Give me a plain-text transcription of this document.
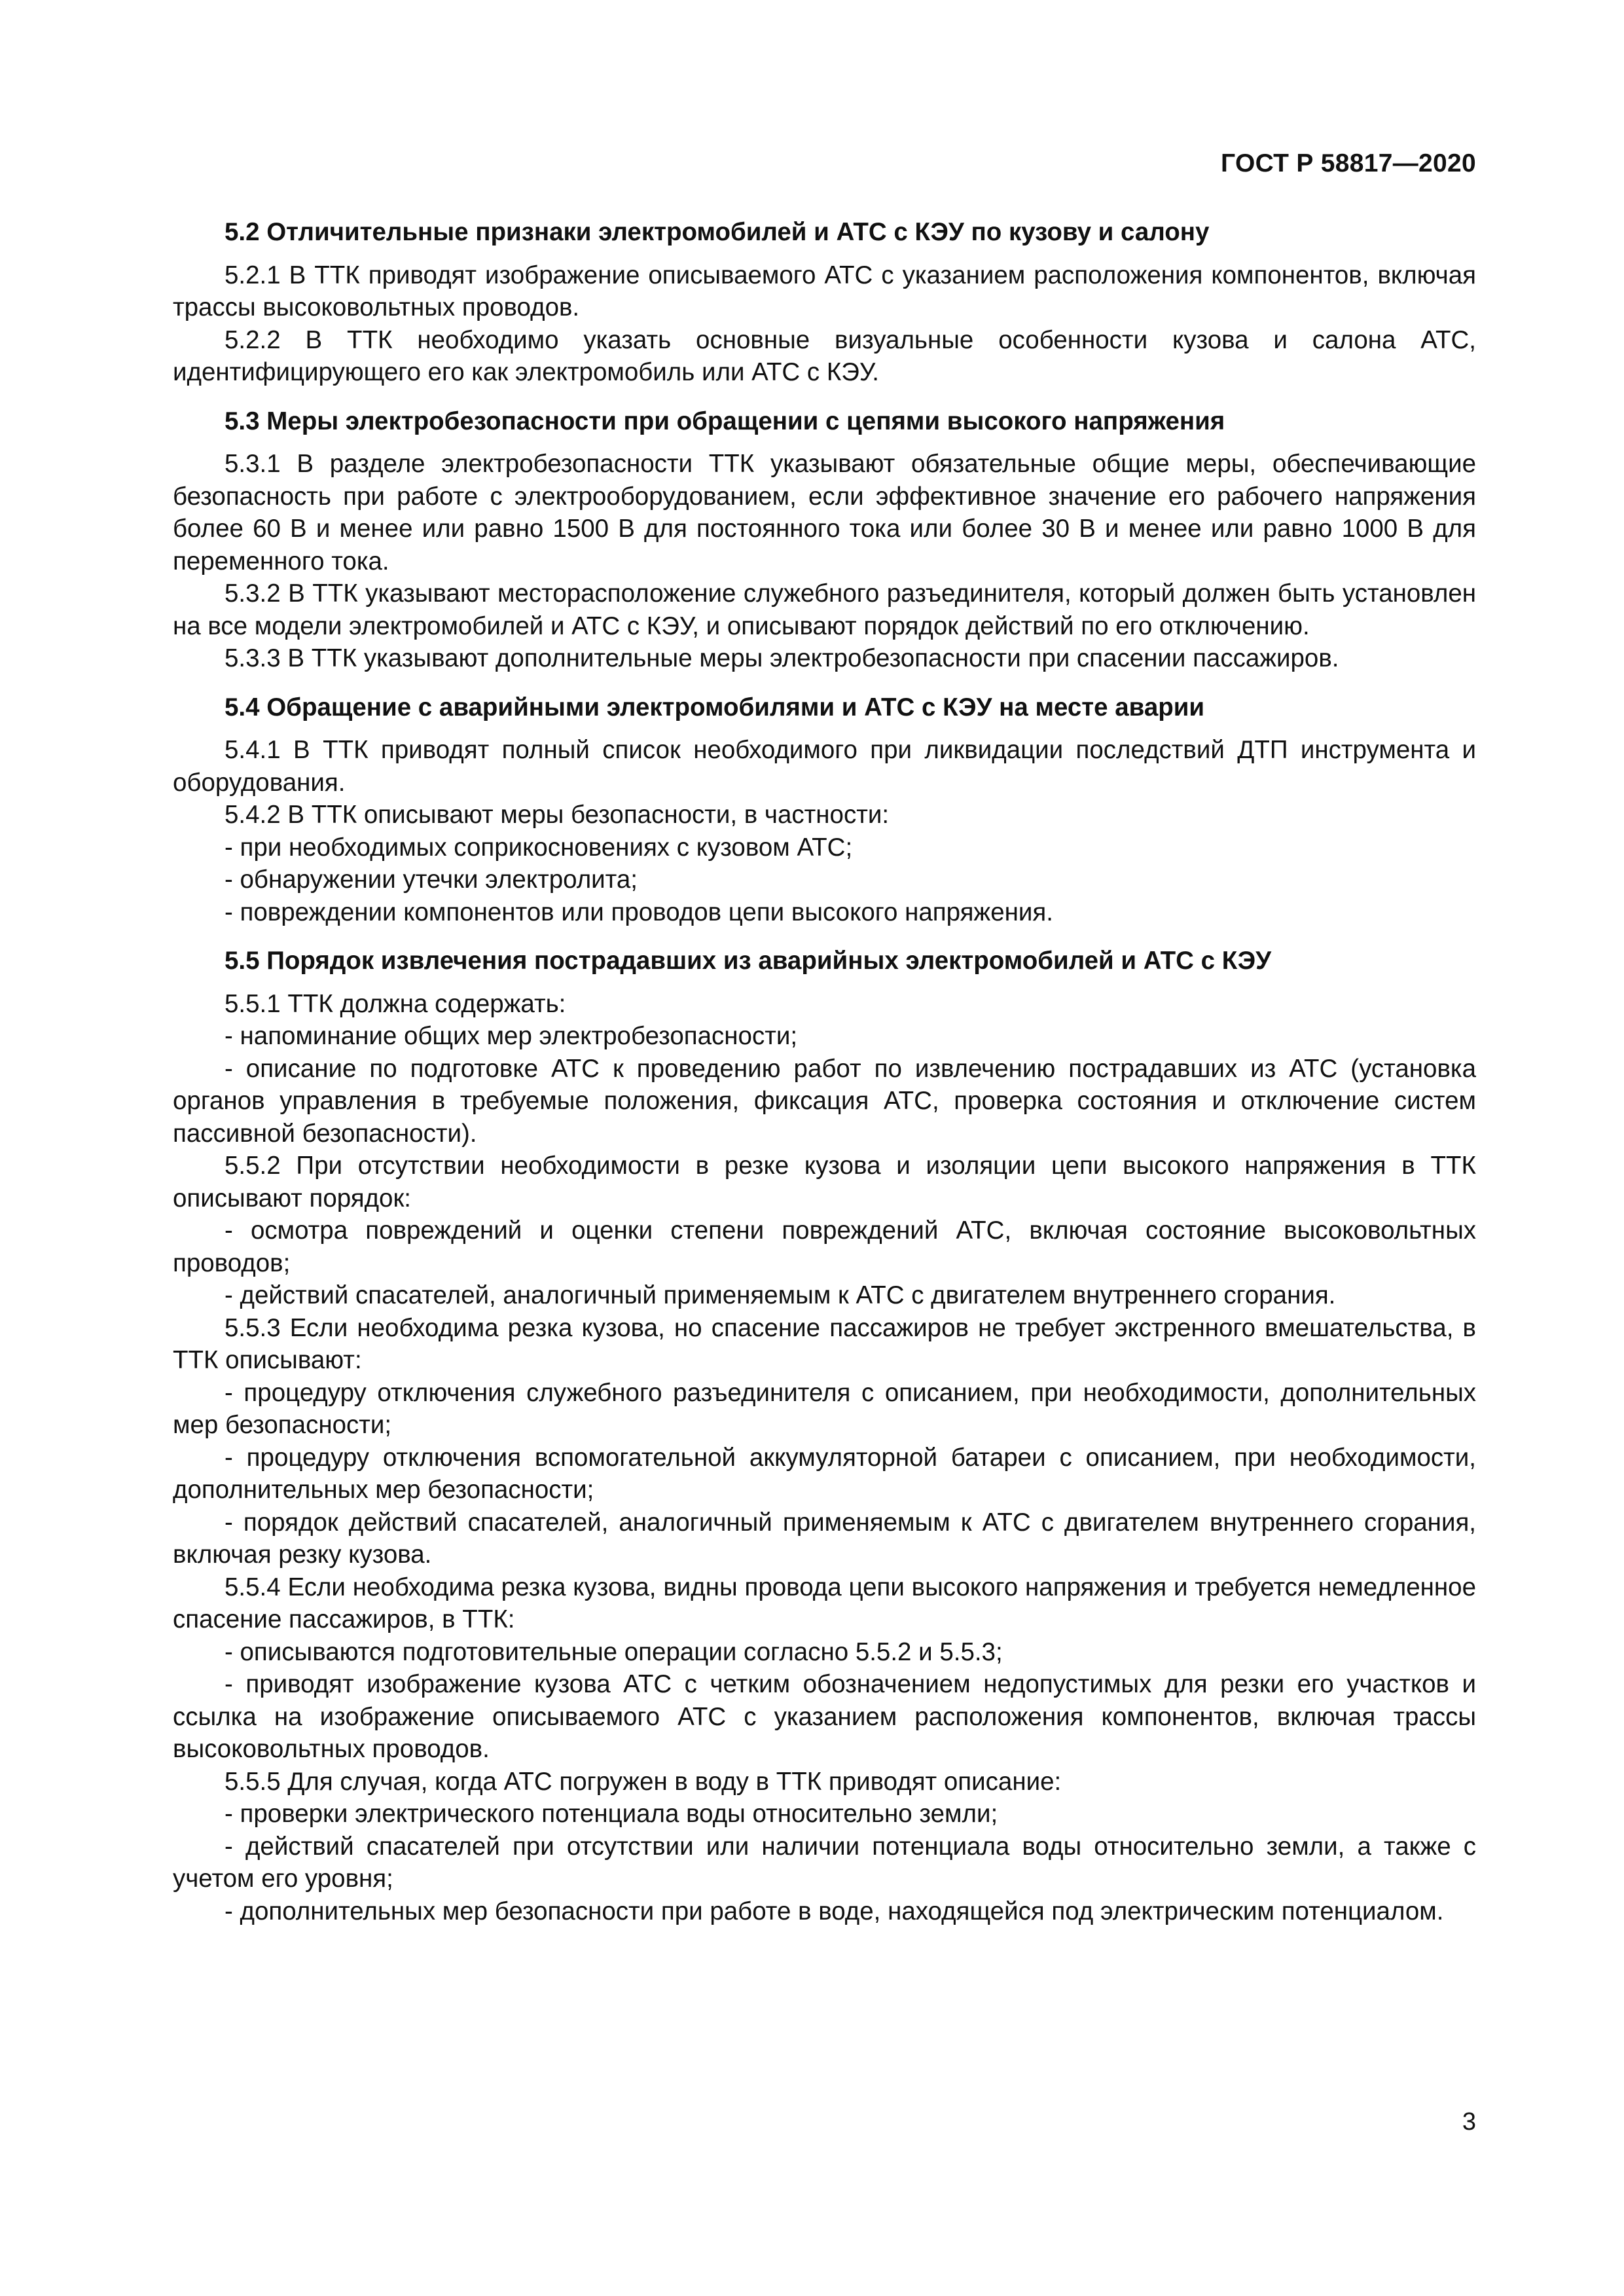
ГОСТ Р 58817—2020
5.2 Отличительные признаки электромобилей и АТС с КЭУ по кузову и салону

5.2.1 В ТТК приводят изображение описываемого АТС с указанием расположения компонентов, включая трассы высоковольтных проводов.

5.2.2 В ТТК необходимо указать основные визуальные особенности кузова и салона АТС, идентифицирующего его как электромобиль или АТС с КЭУ.

5.3 Меры электробезопасности при обращении с цепями высокого напряжения

5.3.1 В разделе электробезопасности ТТК указывают обязательные общие меры, обеспечивающие безопасность при работе с электрооборудованием, если эффективное значение его рабочего напряжения более 60 В и менее или равно 1500 В для постоянного тока или более 30 В и менее или равно 1000 В для переменного тока.

5.3.2 В ТТК указывают месторасположение служебного разъединителя, который должен быть установлен на все модели электромобилей и АТС с КЭУ, и описывают порядок действий по его отключению.

5.3.3 В ТТК указывают дополнительные меры электробезопасности при спасении пассажиров.

5.4 Обращение с аварийными электромобилями и АТС с КЭУ на месте аварии

5.4.1 В ТТК приводят полный список необходимого при ликвидации последствий ДТП инструмента и оборудования.

5.4.2 В ТТК описывают меры безопасности, в частности:

- при необходимых соприкосновениях с кузовом АТС;

- обнаружении утечки электролита;

- повреждении компонентов или проводов цепи высокого напряжения.

5.5 Порядок извлечения пострадавших из аварийных электромобилей и АТС с КЭУ

5.5.1 ТТК должна содержать:

- напоминание общих мер электробезопасности;

- описание по подготовке АТС к проведению работ по извлечению пострадавших из АТС (установка органов управления в требуемые положения, фиксация АТС, проверка состояния и отключение систем пассивной безопасности).

5.5.2 При отсутствии необходимости в резке кузова и изоляции цепи высокого напряжения в ТТК описывают порядок:

- осмотра повреждений и оценки степени повреждений АТС, включая состояние высоковольтных проводов;

- действий спасателей, аналогичный применяемым к АТС с двигателем внутреннего сгорания.

5.5.3 Если необходима резка кузова, но спасение пассажиров не требует экстренного вмешательства, в ТТК описывают:

- процедуру отключения служебного разъединителя с описанием, при необходимости, дополнительных мер безопасности;

- процедуру отключения вспомогательной аккумуляторной батареи с описанием, при необходимости, дополнительных мер безопасности;

- порядок действий спасателей, аналогичный применяемым к АТС с двигателем внутреннего сгорания, включая резку кузова.

5.5.4 Если необходима резка кузова, видны провода цепи высокого напряжения и требуется немедленное спасение пассажиров, в ТТК:

- описываются подготовительные операции согласно 5.5.2 и 5.5.3;

- приводят изображение кузова АТС с четким обозначением недопустимых для резки его участков и ссылка на изображение описываемого АТС с указанием расположения компонентов, включая трассы высоковольтных проводов.

5.5.5 Для случая, когда АТС погружен в воду в ТТК приводят описание:

- проверки электрического потенциала воды относительно земли;

- действий спасателей при отсутствии или наличии потенциала воды относительно земли, а также с учетом его уровня;

- дополнительных мер безопасности при работе в воде, находящейся под электрическим потенциалом.

3
